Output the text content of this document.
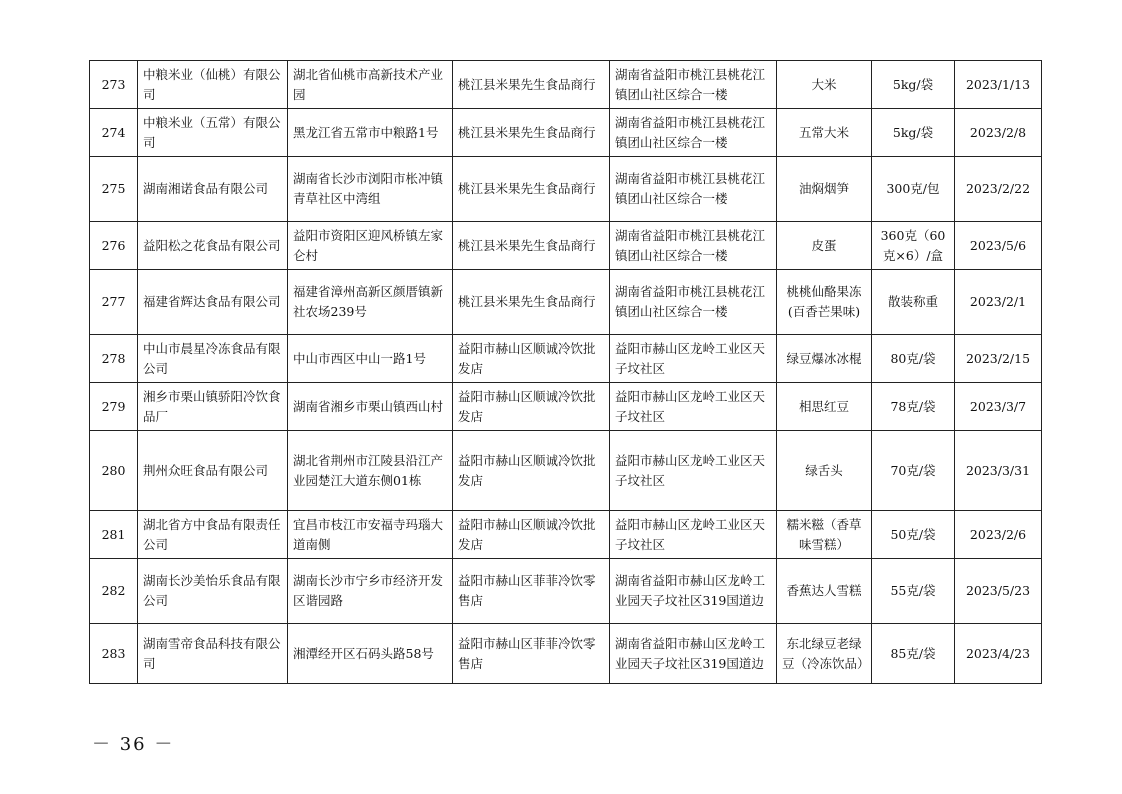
273	中粮米业（仙桃）有限公司	湖北省仙桃市高新技术产业园	桃江县米果先生食品商行	湖南省益阳市桃江县桃花江镇团山社区综合一楼	大米	5kg/袋	2023/1/13
274	中粮米业（五常）有限公司	黑龙江省五常市中粮路1号	桃江县米果先生食品商行	湖南省益阳市桃江县桃花江镇团山社区综合一楼	五常大米	5kg/袋	2023/2/8
275	湖南湘诺食品有限公司	湖南省长沙市浏阳市枨冲镇青草社区中湾组	桃江县米果先生食品商行	湖南省益阳市桃江县桃花江镇团山社区综合一楼	油焖烟笋	300克/包	2023/2/22
276	益阳松之花食品有限公司	益阳市资阳区迎风桥镇左家仑村	桃江县米果先生食品商行	湖南省益阳市桃江县桃花江镇团山社区综合一楼	皮蛋	360克（60克×6）/盒	2023/5/6
277	福建省辉达食品有限公司	福建省漳州高新区颜厝镇新社农场239号	桃江县米果先生食品商行	湖南省益阳市桃江县桃花江镇团山社区综合一楼	桃桃仙酪果冻(百香芒果味)	散装称重	2023/2/1
278	中山市晨星冷冻食品有限公司	中山市西区中山一路1号	益阳市赫山区顺诚冷饮批发店	益阳市赫山区龙岭工业区天子坟社区	绿豆爆冰冰棍	80克/袋	2023/2/15
279	湘乡市栗山镇骄阳冷饮食品厂	湖南省湘乡市栗山镇西山村	益阳市赫山区顺诚冷饮批发店	益阳市赫山区龙岭工业区天子坟社区	相思红豆	78克/袋	2023/3/7
280	荆州众旺食品有限公司	湖北省荆州市江陵县沿江产业园楚江大道东侧01栋	益阳市赫山区顺诚冷饮批发店	益阳市赫山区龙岭工业区天子坟社区	绿舌头	70克/袋	2023/3/31
281	湖北省方中食品有限责任公司	宜昌市枝江市安福寺玛瑙大道南侧	益阳市赫山区顺诚冷饮批发店	益阳市赫山区龙岭工业区天子坟社区	糯米糍（香草味雪糕）	50克/袋	2023/2/6
282	湖南长沙美怡乐食品有限公司	湖南长沙市宁乡市经济开发区谐园路	益阳市赫山区菲菲冷饮零售店	湖南省益阳市赫山区龙岭工业园天子坟社区319国道边	香蕉达人雪糕	55克/袋	2023/5/23
283	湖南雪帝食品科技有限公司	湘潭经开区石码头路58号	益阳市赫山区菲菲冷饮零售店	湖南省益阳市赫山区龙岭工业园天子坟社区319国道边	东北绿豆老绿豆（冷冻饮品）	85克/袋	2023/4/23
－ 36 －
